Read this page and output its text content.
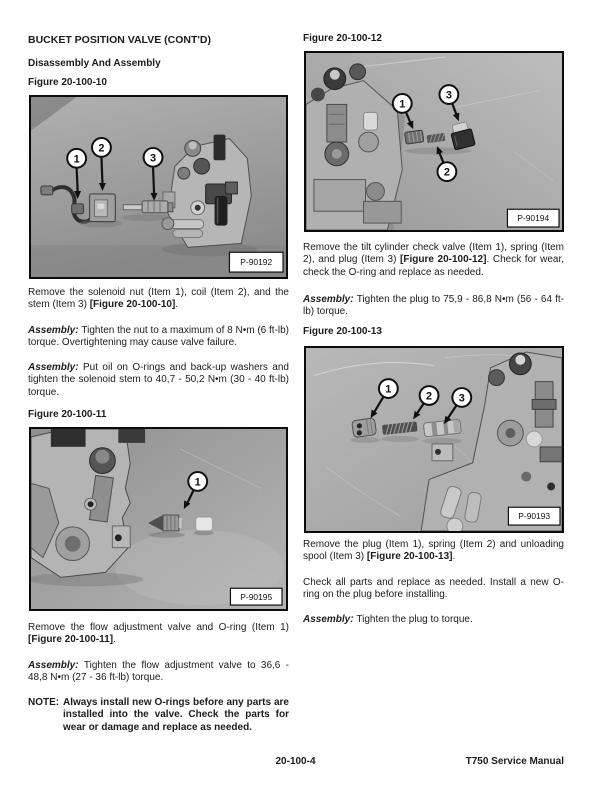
BUCKET POSITION VALVE (CONT'D)
Disassembly And Assembly
Figure 20-100-10
1
2
3
P-90192

Remove the solenoid nut (Item 1), coil (Item 2), and the stem (Item 3) [Figure 20-100-10].

Assembly: Tighten the nut to a maximum of 8 N•m (6 ft-lb) torque. Overtightening may cause valve failure.

Assembly: Put oil on O-rings and back-up washers and tighten the solenoid stem to 40,7 - 50,2 N•m (30 - 40 ft-lb) torque.

Figure 20-100-11
1
P-90195

Remove the flow adjustment valve and O-ring (Item 1) [Figure 20-100-11].

Assembly: Tighten the flow adjustment valve to 36,6 - 48,8 N•m (27 - 36 ft-lb) torque.

NOTE: Always install new O-rings before any parts are installed into the valve. Check the parts for wear or damage and replace as needed.

Figure 20-100-12
1
3
2
P-90194

Remove the tilt cylinder check valve (Item 1), spring (Item 2), and plug (Item 3) [Figure 20-100-12]. Check for wear, check the O-ring and replace as needed.

Assembly: Tighten the plug to 75,9 - 86,8 N•m (56 - 64 ft-lb) torque.

Figure 20-100-13
1
2 3
P-90193

Remove the plug (Item 1), spring (Item 2) and unloading spool (Item 3) [Figure 20-100-13].

Check all parts and replace as needed. Install a new O-ring on the plug before installing.

Assembly: Tighten the plug to torque.

20-100-4	T750 Service Manual
